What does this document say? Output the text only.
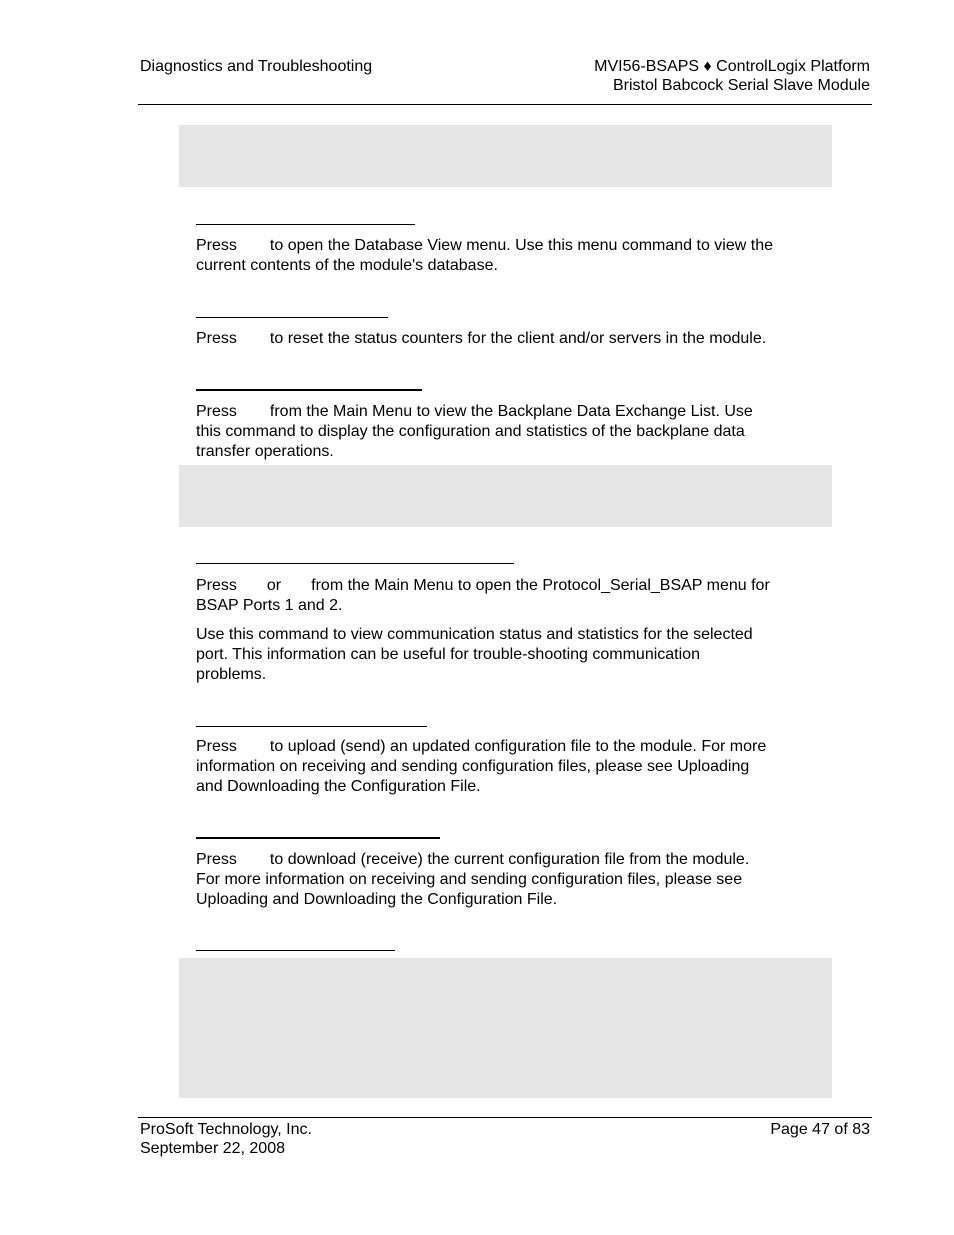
Diagnostics and Troubleshooting	MVI56-BSAPS ♦ ControlLogix Platform
Bristol Babcock Serial Slave Module

Press to open the Database View menu. Use this menu command to view the
current contents of the module's database.

Press to reset the status counters for the client and/or servers in the module.

Press from the Main Menu to view the Backplane Data Exchange List. Use
this command to display the configuration and statistics of the backplane data
transfer operations.

Press or from the Main Menu to open the Protocol_Serial_BSAP menu for
BSAP Ports 1 and 2.

Use this command to view communication status and statistics for the selected
port. This information can be useful for trouble-shooting communication
problems.

Press to upload (send) an updated configuration file to the module. For more
information on receiving and sending configuration files, please see Uploading
and Downloading the Configuration File.

Press to download (receive) the current configuration file from the module.
For more information on receiving and sending configuration files, please see
Uploading and Downloading the Configuration File.

ProSoft Technology, Inc.
September 22, 2008
Page 47 of 83
